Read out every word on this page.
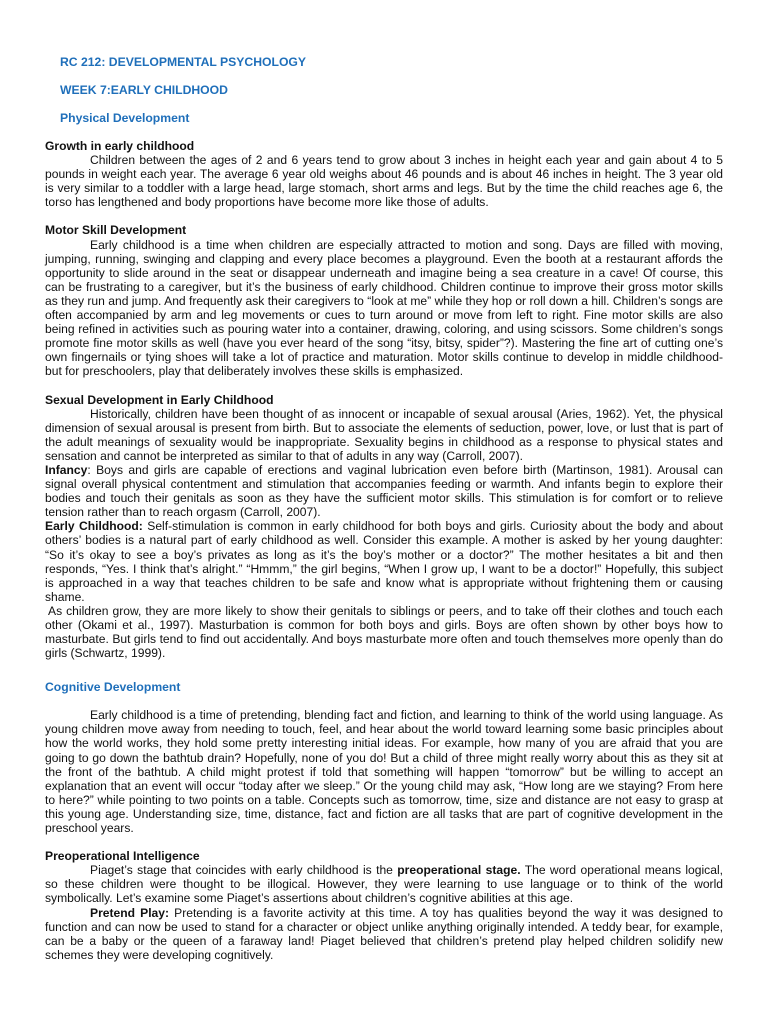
RC 212: DEVELOPMENTAL PSYCHOLOGY
WEEK 7:EARLY CHILDHOOD
Physical Development
Growth in early childhood

Children between the ages of 2 and 6 years tend to grow about 3 inches in height each year and gain about 4 to 5 pounds in weight each year. The average 6 year old weighs about 46 pounds and is about 46 inches in height. The 3 year old is very similar to a toddler with a large head, large stomach, short arms and legs. But by the time the child reaches age 6, the torso has lengthened and body proportions have become more like those of adults.

Motor Skill Development

Early childhood is a time when children are especially attracted to motion and song. Days are filled with moving, jumping, running, swinging and clapping and every place becomes a playground. Even the booth at a restaurant affords the opportunity to slide around in the seat or disappear underneath and imagine being a sea creature in a cave! Of course, this can be frustrating to a caregiver, but it’s the business of early childhood. Children continue to improve their gross motor skills as they run and jump. And frequently ask their caregivers to “look at me” while they hop or roll down a hill. Children’s songs are often accompanied by arm and leg movements or cues to turn around or move from left to right. Fine motor skills are also being refined in activities such as pouring water into a container, drawing, coloring, and using scissors. Some children’s songs promote fine motor skills as well (have you ever heard of the song “itsy, bitsy, spider”?). Mastering the fine art of cutting one’s own fingernails or tying shoes will take a lot of practice and maturation. Motor skills continue to develop in middle childhood-but for preschoolers, play that deliberately involves these skills is emphasized.

Sexual Development in Early Childhood

Historically, children have been thought of as innocent or incapable of sexual arousal (Aries, 1962). Yet, the physical dimension of sexual arousal is present from birth. But to associate the elements of seduction, power, love, or lust that is part of the adult meanings of sexuality would be inappropriate. Sexuality begins in childhood as a response to physical states and sensation and cannot be interpreted as similar to that of adults in any way (Carroll, 2007).

Infancy: Boys and girls are capable of erections and vaginal lubrication even before birth (Martinson, 1981). Arousal can signal overall physical contentment and stimulation that accompanies feeding or warmth. And infants begin to explore their bodies and touch their genitals as soon as they have the sufficient motor skills. This stimulation is for comfort or to relieve tension rather than to reach orgasm (Carroll, 2007).

Early Childhood: Self-stimulation is common in early childhood for both boys and girls. Curiosity about the body and about others’ bodies is a natural part of early childhood as well. Consider this example. A mother is asked by her young daughter: “So it’s okay to see a boy’s privates as long as it’s the boy’s mother or a doctor?” The mother hesitates a bit and then responds, “Yes. I think that’s alright.” “Hmmm,” the girl begins, “When I grow up, I want to be a doctor!” Hopefully, this subject is approached in a way that teaches children to be safe and know what is appropriate without frightening them or causing shame.

As children grow, they are more likely to show their genitals to siblings or peers, and to take off their clothes and touch each other (Okami et al., 1997). Masturbation is common for both boys and girls. Boys are often shown by other boys how to masturbate. But girls tend to find out accidentally. And boys masturbate more often and touch themselves more openly than do girls (Schwartz, 1999).

Cognitive Development

Early childhood is a time of pretending, blending fact and fiction, and learning to think of the world using language. As young children move away from needing to touch, feel, and hear about the world toward learning some basic principles about how the world works, they hold some pretty interesting initial ideas. For example, how many of you are afraid that you are going to go down the bathtub drain? Hopefully, none of you do! But a child of three might really worry about this as they sit at the front of the bathtub. A child might protest if told that something will happen “tomorrow” but be willing to accept an explanation that an event will occur “today after we sleep.” Or the young child may ask, “How long are we staying? From here to here?” while pointing to two points on a table. Concepts such as tomorrow, time, size and distance are not easy to grasp at this young age. Understanding size, time, distance, fact and fiction are all tasks that are part of cognitive development in the preschool years.

Preoperational Intelligence

Piaget’s stage that coincides with early childhood is the preoperational stage. The word operational means logical, so these children were thought to be illogical. However, they were learning to use language or to think of the world symbolically. Let’s examine some Piaget’s assertions about children’s cognitive abilities at this age.

Pretend Play: Pretending is a favorite activity at this time. A toy has qualities beyond the way it was designed to function and can now be used to stand for a character or object unlike anything originally intended. A teddy bear, for example, can be a baby or the queen of a faraway land! Piaget believed that children’s pretend play helped children solidify new schemes they were developing cognitively.
